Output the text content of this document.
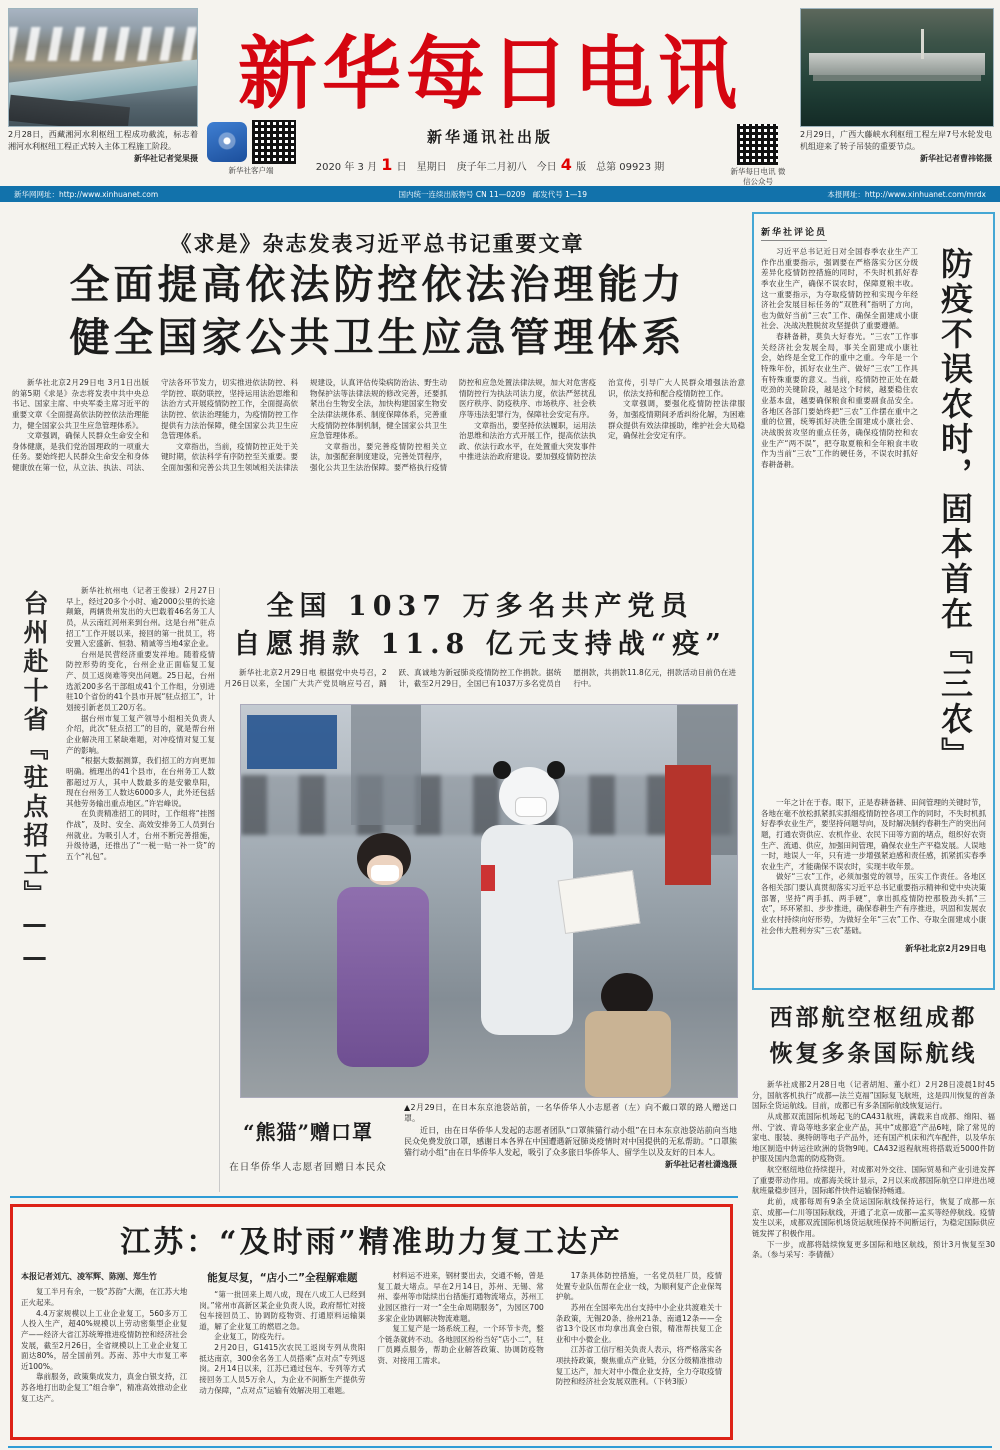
2月28日，西藏湘河水利枢纽工程成功截流，标志着湘河水利枢纽工程正式转入主体工程施工阶段。

新华社记者觉果摄
新华每日电讯
新华社客户端
新华通讯社出版
2020 年 3 月 1 日　星期日　庚子年二月初八　今日 4 版　总第 09923 期	新华每日电讯 微信公众号

2月29日，广西大藤峡水利枢纽工程左岸7号水轮发电机组迎来了转子吊装的重要节点。

新华社记者曹祎铭摄
新华网网址：http://www.xinhuanet.com	国内统一连续出版物号 CN 11—0209　邮发代号 1—19	本报网址：http://www.xinhuanet.com/mrdx
《求是》杂志发表习近平总书记重要文章
全面提高依法防控依法治理能力
健全国家公共卫生应急管理体系

新华社北京2月29日电 3月1日出版的第5期《求是》杂志将发表中共中央总书记、国家主席、中央军委主席习近平的重要文章《全面提高依法防控依法治理能力，健全国家公共卫生应急管理体系》。

文章强调，确保人民群众生命安全和身体健康，是我们党治国理政的一项重大任务。要始终把人民群众生命安全和身体健康放在第一位，从立法、执法、司法、守法各环节发力，切实推进依法防控、科学防控、联防联控，坚持运用法治思维和法治方式开展疫情防控工作，全面提高依法防控、依法治理能力，为疫情防控工作提供有力法治保障，健全国家公共卫生应急管理体系。

文章指出，当前，疫情防控正处于关键时期，依法科学有序防控至关重要。要全面加强和完善公共卫生领域相关法律法规建设，认真评估传染病防治法、野生动物保护法等法律法规的修改完善，还要抓紧出台生物安全法，加快构建国家生物安全法律法规体系、制度保障体系，完善重大疫情防控体制机制，健全国家公共卫生应急管理体系。

文章指出，要完善疫情防控相关立法，加强配套制度建设，完善处罚程序，强化公共卫生法治保障。要严格执行疫情防控和应急处置法律法规，加大对危害疫情防控行为执法司法力度，依法严惩扰乱医疗秩序、防疫秩序、市场秩序、社会秩序等违法犯罪行为，保障社会安定有序。

文章指出，要坚持依法履职，运用法治思维和法治方式开展工作，提高依法执政、依法行政水平，在处置重大突发事件中推进法治政府建设。要加强疫情防控法治宣传，引导广大人民群众增强法治意识，依法支持和配合疫情防控工作。

文章强调，要强化疫情防控法律服务，加强疫情期间矛盾纠纷化解，为困难群众提供有效法律援助，维护社会大局稳定，确保社会安定有序。

台州赴十省『驻点招工』——	新华社杭州电（记者王俊禄）2月27日早上，经过20多个小时、逾2000公里的长途颠簸，两辆贵州发出的大巴载着46名务工人员，从云南红河州来到台州。这是台州“驻点招工”工作开展以来，接回的第一批员工，将安置入宏盛新、恒勃、精诚等当地4家企业。

台州是民营经济重要发祥地。随着疫情防控形势的变化，台州企业正面临复工复产、员工返岗难等突出问题。25日起，台州选派200多名干部组成41个工作组，分别进驻10个省份的41个县市开展“驻点招工”，计划接引新老员工20万名。

据台州市复工复产领导小组相关负责人介绍，此次“驻点招工”的目的，就是帮台州企业解决用工紧缺难题，对冲疫情对复工复产的影响。

“根据大数据测算，我们招工的方向更加明确。梳理出的41个县市，在台州务工人数都超过万人，其中人数最多的是安徽阜阳，现在台州务工人数达6000多人，此外还包括其他劳务输出重点地区。”许岩峰说。

在负责精准招工的同时，工作组将“挂图作战”，及时、安全、高效安排务工人员到台州就业。为吸引人才，台州不断完善措施，升级待遇，还推出了“一税一贴一补一贷”的五个“礼包”。

全国 1037 万多名共产党员
自愿捐款 11.8 亿元支持战“疫”

新华社北京2月29日电 根据党中央号召，2月26日以来，全国广大共产党员响应号召，踊跃、真诚地为新冠肺炎疫情防控工作捐款。据统计，截至2月29日，全国已有1037万多名党员自愿捐款，共捐款11.8亿元，捐款活动目前仍在进行中。

“熊猫”赠口罩
在日华侨华人志愿者回赠日本民众

▲2月29日，在日本东京池袋站前，一名华侨华人小志愿者（左）向不戴口罩的路人赠送口罩。

近日，由在日华侨华人发起的志愿者团队“口罩熊猫行动小组”在日本东京池袋站前向当地民众免费发放口罩，感谢日本各界在中国遭遇新冠肺炎疫情时对中国提供的无私帮助。“口罩熊猫行动小组”由在日华侨华人发起，吸引了众多旅日华侨华人、留学生以及友好的日本人。

新华社记者杜潇逸摄
江苏：“及时雨”精准助力复工达产

本报记者刘亢、凌军辉、陈刚、郑生竹

复工半月有余，一股“苏韵”大潮，在江苏大地正火起来。

4.4万家规模以上工业企业复工，560多万工人投入生产，超40%规模以上劳动密集型企业复产——经济大省江苏统筹推进疫情防控和经济社会发展，截至2月26日，全省规模以上工业企业复工面达80%，居全国前列。苏南、苏中大市复工率近100%。

靠前服务，政策集成发力，真金白银支持，江苏各地打出助企复工“组合拳”，精准高效推动企业复工达产。

能复尽复，“店小二”全程解难题

“第一批回来上周八成，现在八成工人已经到岗。”常州市高新区某企业负责人说，政府帮忙对接包车接回员工、协调防疫物资、打通原料运输渠道，解了企业复工的燃眉之急。

企业复工，防疫先行。

2月20日，G1415次农民工返岗专列从贵阳抵达南京，300余名务工人员搭乘“点对点”专列返岗。2月14日以来，江苏已通过包车、专列等方式接回务工人员5万余人，为企业不间断生产提供劳动力保障，“点对点”运输有效解决用工难题。

材料运不进来，钢材要出去，交通不畅，曾是复工最大堵点。早在2月14日，苏州、无锡、常州、泰州等市陆续出台措施打通物流堵点，苏州工业园区推行一对一“全生命周期服务”，为园区700多家企业协调解决物流难题。

复工复产是一场系统工程，一个环节卡壳，整个链条就转不动。各地园区纷纷当好“店小二”，驻厂员蹲点服务，帮助企业解答政策、协调防疫物资、对接用工需求。

17条具体防控措施，一名党员驻厂员，疫情处置专业队伍帮在企业一线，为顺利复产企业保驾护航。

苏州在全国率先出台支持中小企业共渡难关十条政策，无锡20条、徐州21条、南通12条——全省13个设区市均拿出真金白银，精准帮扶复工企业和中小微企业。

江苏省工信厅相关负责人表示，将严格落实各项扶持政策，聚焦重点产业链，分区分级精准推动复工达产，加大对中小微企业支持，全力夺取疫情防控和经济社会发展双胜利。（下转3版）

新华社评论员

习近平总书记近日对全国春季农业生产工作作出重要指示，强调要在严格落实分区分级差异化疫情防控措施的同时，不失时机抓好春季农业生产，确保不误农时，保障夏粮丰收。这一重要指示，为夺取疫情防控和实现今年经济社会发展目标任务的“双胜利”指明了方向，也为做好当前“三农”工作、确保全面建成小康社会、决战决胜脱贫攻坚提供了重要遵循。

春耕备耕，莫负大好春光。“三农”工作事关经济社会发展全局，事关全面建成小康社会，始终是全党工作的重中之重。今年是一个特殊年份，抓好农业生产、做好“三农”工作具有特殊重要的意义。当前，疫情防控正处在最吃劲的关键阶段，越是这个时候，越要稳住农业基本盘，越要确保粮食和重要副食品安全。各地区各部门要始终把“三农”工作摆在重中之重的位置，统筹抓好决胜全面建成小康社会、决战脱贫攻坚的重点任务，确保疫情防控和农业生产“两不误”，把夺取夏粮和全年粮食丰收作为当前“三农”工作的硬任务，不误农时抓好春耕备耕。	防疫不误农时，固本首在『三农』

一年之计在于春。眼下，正是春耕备耕、田间管理的关键时节，各地在毫不放松抓紧抓实抓细疫情防控各项工作的同时，不失时机抓好春季农业生产，要坚持问题导向，及时解决制约春耕生产的突出问题，打通农资供应、农机作业、农民下田等方面的堵点，组织好农资生产、流通、供应，加强田间管理，确保农业生产平稳发展。人误地一时，地误人一年，只有进一步增强紧迫感和责任感，抓紧抓实春季农业生产，才能确保不误农时，实现丰收年景。

做好“三农”工作，必须加强党的领导，压实工作责任。各地区各相关部门要认真贯彻落实习近平总书记重要指示精神和党中央决策部署，坚持“两手抓、两手硬”，拿出抓疫情防控那股劲头抓“三农”，环环紧扣、步步推进，确保春耕生产有序推进，巩固和发展农业农村持续向好形势，为做好全年“三农”工作、夺取全面建成小康社会伟大胜利夯实“三农”基础。

新华社北京2月29日电
西部航空枢纽成都
恢复多条国际航线

新华社成都2月28日电（记者胡旭、董小红）2月28日凌晨1时45分，国航客机执行“成都—法兰克福”国际复飞航班，这是四川恢复的首条国际全货运航线。目前，成都已有多条国际航线恢复运行。

从成都双流国际机场起飞的CA431航班，满载来自成都、绵阳、福州、宁波、青岛等地多家企业产品，其中“成都造”产品6吨，除了常见的家电、服装、奥特朗等电子产品外，还有国产机床和汽车配件，以及华东地区制造中转运往欧洲的货物9吨。CA432返程航班将搭载近5000件防护服及国内急需的防疫物资。

航空枢纽地位持续提升，对成都对外交往、国际贸易和产业引进发挥了重要带动作用。成都海关统计显示，2月以来成都国际航空口岸进出境航班量稳步回升，国际邮件快件运输保持畅通。

此前，成都每周有9条全货运国际航线保持运行，恢复了成都—东京、成都—仁川等国际航线，开通了北京—成都—孟买等经停航线。疫情发生以来，成都双流国际机场货运航班保持不间断运行，为稳定国际供应链发挥了积极作用。

下一步，成都将陆续恢复更多国际和地区航线，预计3月恢复至30条。（参与采写：李倩薇）
